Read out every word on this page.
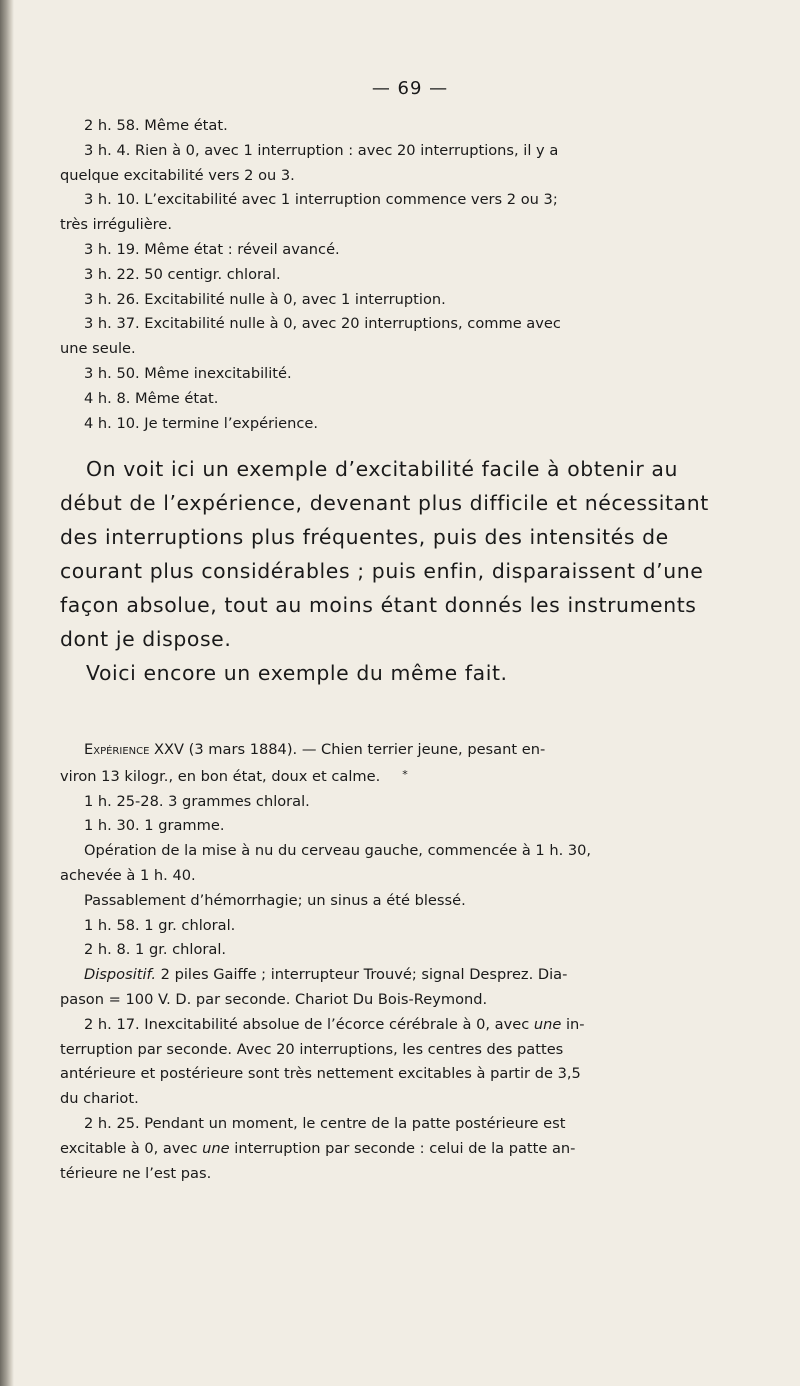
— 69 —

2 h. 58. Même état.

3 h. 4. Rien à 0, avec 1 interruption : avec 20 interruptions, il y a

quelque excitabilité vers 2 ou 3.

3 h. 10. L’excitabilité avec 1 interruption commence vers 2 ou 3;

très irrégulière.

3 h. 19. Même état : réveil avancé.

3 h. 22. 50 centigr. chloral.

3 h. 26. Excitabilité nulle à 0, avec 1 interruption.

3 h. 37. Excitabilité nulle à 0, avec 20 interruptions, comme avec

une seule.

3 h. 50. Même inexcitabilité.

4 h. 8. Même état.

4 h. 10. Je termine l’expérience.

On voit ici un exemple d’excitabilité facile à obtenir au

début de l’expérience, devenant plus difficile et nécessitant
des interruptions plus fréquentes, puis des intensités de
courant plus considérables ; puis enfin, disparaissent d’une
façon absolue, tout au moins étant donnés les instruments
dont je dispose.

Voici encore un exemple du même fait.

Expérience XXV (3 mars 1884). — Chien terrier jeune, pesant en-

viron 13 kilogr., en bon état, doux et calme. *

1 h. 25-28. 3 grammes chloral.

1 h. 30. 1 gramme.

Opération de la mise à nu du cerveau gauche, commencée à 1 h. 30,

achevée à 1 h. 40.

Passablement d’hémorrhagie; un sinus a été blessé.

1 h. 58. 1 gr. chloral.

2 h. 8. 1 gr. chloral.

Dispositif. 2 piles Gaiffe ; interrupteur Trouvé; signal Desprez. Dia-

pason = 100 V. D. par seconde. Chariot Du Bois-Reymond.

2 h. 17. Inexcitabilité absolue de l’écorce cérébrale à 0, avec une in-

terruption par seconde. Avec 20 interruptions, les centres des pattes
antérieure et postérieure sont très nettement excitables à partir de 3,5
du chariot.

2 h. 25. Pendant un moment, le centre de la patte postérieure est

excitable à 0, avec une interruption par seconde : celui de la patte an-
térieure ne l’est pas.
